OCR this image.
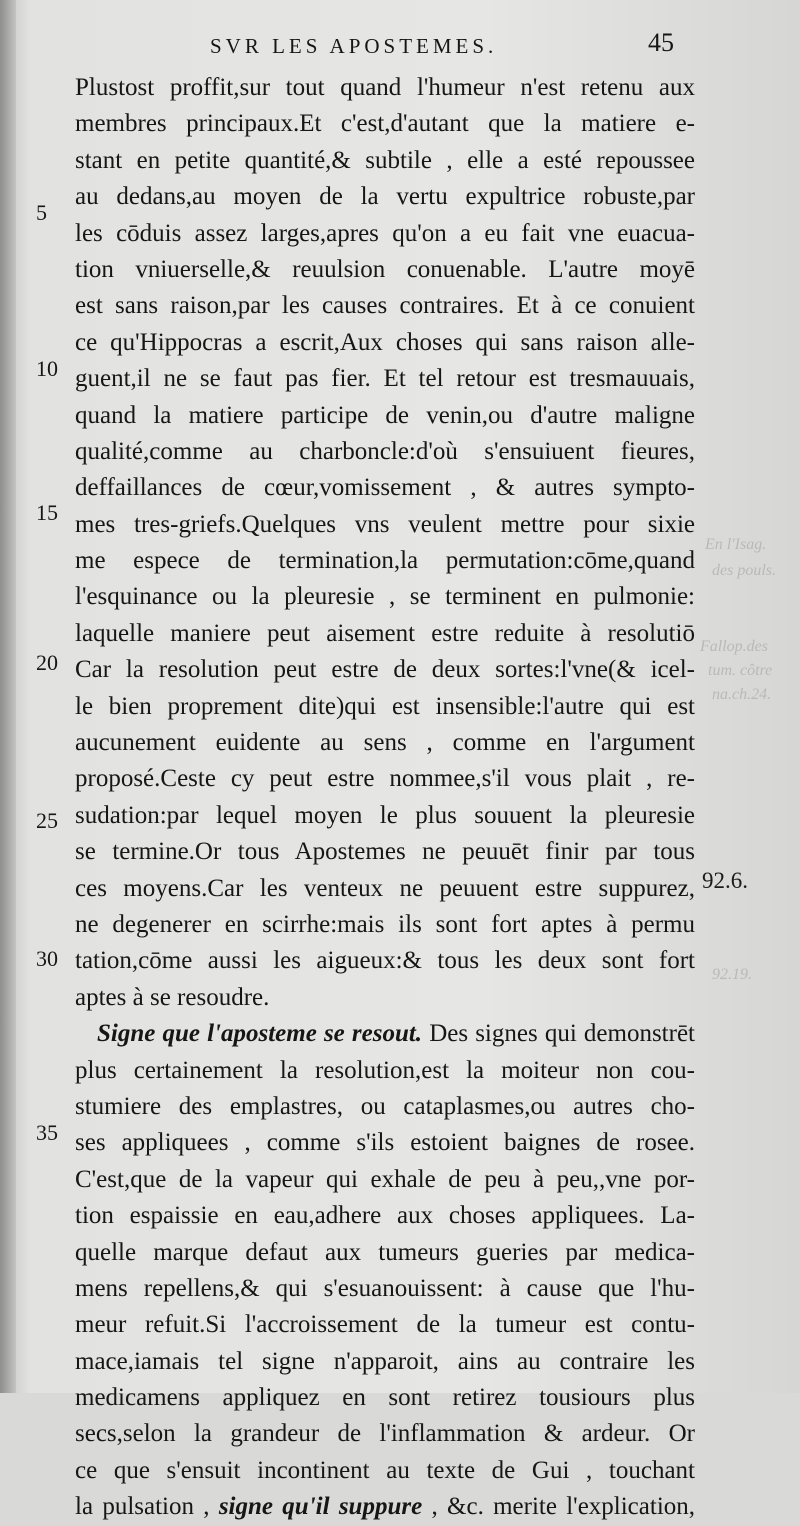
SVR LES APOSTEMES.	45
Plustost proffit,sur tout quand l'humeur n'est retenu aux
membres principaux.Et c'est,d'autant que la matiere e-
stant en petite quantité,& subtile , elle a esté repoussee
au dedans,au moyen de la vertu expultrice robuste,par
les cōduis assez larges,apres qu'on a eu fait vne euacua-
tion vniuerselle,& reuulsion conuenable. L'autre moyē
est sans raison,par les causes contraires. Et à ce conuient
ce qu'Hippocras a escrit,Aux choses qui sans raison alle-
guent,il ne se faut pas fier. Et tel retour est tresmauuais,
quand la matiere participe de venin,ou d'autre maligne
qualité,comme au charboncle:d'où s'ensuiuent fieures,
deffaillances de cœur,vomissement , & autres sympto-
mes tres-griefs.Quelques vns veulent mettre pour sixie
me espece de termination,la permutation:cōme,quand
l'esquinance ou la pleuresie , se terminent en pulmonie:
laquelle maniere peut aisement estre reduite à resolutiō
Car la resolution peut estre de deux sortes:l'vne(& icel-
le bien proprement dite)qui est insensible:l'autre qui est
aucunement euidente au sens , comme en l'argument
proposé.Ceste cy peut estre nommee,s'il vous plait , re-
sudation:par lequel moyen le plus souuent la pleuresie
se termine.Or tous Apostemes ne peuuēt finir par tous
ces moyens.Car les venteux ne peuuent estre suppurez,
ne degenerer en scirrhe:mais ils sont fort aptes à permu
tation,cōme aussi les aigueux:& tous les deux sont fort
aptes à se resoudre.
Signe que l'aposteme se resout. Des signes qui demonstrēt
plus certainement la resolution,est la moiteur non cou-
stumiere des emplastres, ou cataplasmes,ou autres cho-
ses appliquees , comme s'ils estoient baignes de rosee.
C'est,que de la vapeur qui exhale de peu à peu,,vne por-
tion espaissie en eau,adhere aux choses appliquees. La-
quelle marque defaut aux tumeurs gueries par medica-
mens repellens,& qui s'esuanouissent: à cause que l'hu-
meur refuit.Si l'accroissement de la tumeur est contu-
mace,iamais tel signe n'apparoit, ains au contraire les
medicamens appliquez en sont retirez tousiours plus
secs,selon la grandeur de l'inflammation & ardeur. Or
ce que s'ensuit incontinent au texte de Gui , touchant
la pulsation , signe qu'il suppure , &c. merite l'explication,
5
10
15
20
25
30
35
En l'Isag.
des pouls.
Fallop.des
tum. côtre
na.ch.24.
92.19.
92.6.
